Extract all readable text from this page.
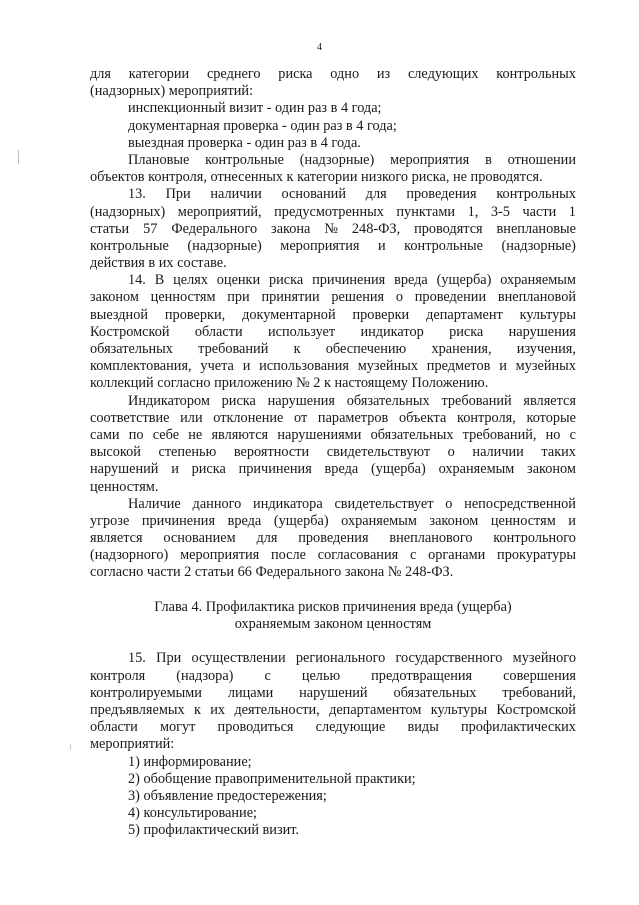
4
для категории среднего риска одно из следующих контрольных
(надзорных) мероприятий:
инспекционный визит - один раз в 4 года;
документарная проверка - один раз в 4 года;
выездная проверка - один раз в 4 года.
Плановые контрольные (надзорные) мероприятия в отношении
объектов контроля, отнесенных к категории низкого риска, не проводятся.
13. При наличии оснований для проведения контрольных
(надзорных) мероприятий, предусмотренных пунктами 1, 3-5 части 1
статьи 57 Федерального закона № 248-ФЗ, проводятся внеплановые
контрольные (надзорные) мероприятия и контрольные (надзорные)
действия в их составе.
14. В целях оценки риска причинения вреда (ущерба) охраняемым
законом ценностям при принятии решения о проведении внеплановой
выездной проверки, документарной проверки департамент культуры
Костромской области использует индикатор риска нарушения
обязательных требований к обеспечению хранения, изучения,
комплектования, учета и использования музейных предметов и музейных
коллекций согласно приложению № 2 к настоящему Положению.
Индикатором риска нарушения обязательных требований является
соответствие или отклонение от параметров объекта контроля, которые
сами по себе не являются нарушениями обязательных требований, но с
высокой степенью вероятности свидетельствуют о наличии таких
нарушений и риска причинения вреда (ущерба) охраняемым законом
ценностям.
Наличие данного индикатора свидетельствует о непосредственной
угрозе причинения вреда (ущерба) охраняемым законом ценностям и
является основанием для проведения внепланового контрольного
(надзорного) мероприятия после согласования с органами прокуратуры
согласно части 2 статьи 66 Федерального закона № 248-ФЗ.
Глава 4. Профилактика рисков причинения вреда (ущерба)
охраняемым законом ценностям
15. При осуществлении регионального государственного музейного
контроля (надзора) с целью предотвращения совершения
контролируемыми лицами нарушений обязательных требований,
предъявляемых к их деятельности, департаментом культуры Костромской
области могут проводиться следующие виды профилактических
мероприятий:
1) информирование;
2) обобщение правоприменительной практики;
3) объявление предостережения;
4) консультирование;
5) профилактический визит.
